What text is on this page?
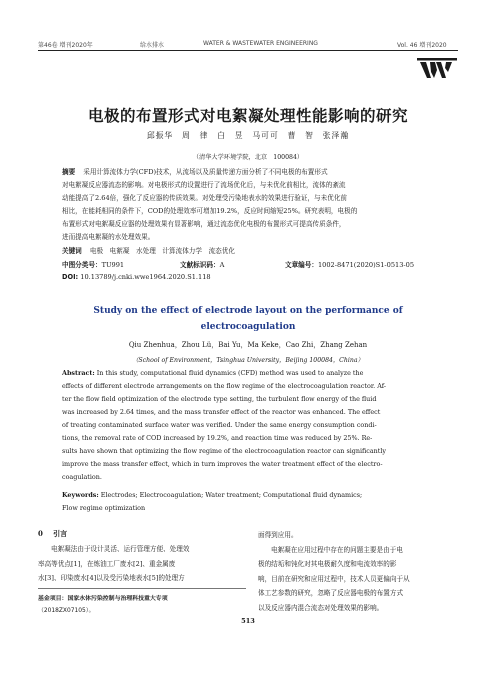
第46卷 增刊2020年	给水排水	WATER & WASTEWATER ENGINEERING	Vol. 46 增刊2020
电极的布置形式对电絮凝处理性能影响的研究
邱振华　周　律　白　昱　马可可　曹　智　张泽瀚
（清华大学环境学院，北京　100084）
摘要 采用计算流体力学(CFD)技术，从流场以及质量传递方面分析了不同电极的布置形式
对电絮凝反应器流态的影响。对电极形式的设置进行了流场优化后，与未优化前相比，流体的紊流
动能提高了2.64倍，强化了反应器的传质效果。对处理受污染地表水的效果进行验证，与未优化前
相比，在能耗相同的条件下，COD的处理效率可增加19.2%，反应时间缩短25%。研究表明，电极的
布置形式对电絮凝反应器的处理效果有显著影响，通过流态优化电极的布置形式可提高传质条件，
进而提高电絮凝的水处理效果。
关键词 电极　电絮凝　水处理　计算流体力学　流态优化
中图分类号：TU991	文献标识码：A	文章编号：1002-8471(2020)S1-0513-05
DOI: 10.13789/j.cnki.wwe1964.2020.S1.118
Study on the effect of electrode layout on the performance of
electrocoagulation
Qiu Zhenhua，Zhou Lü，Bai Yu，Ma Keke，Cao Zhi，Zhang Zehan
（School of Environment，Tsinghua University，Beijing 100084，China）
Abstract: In this study, computational fluid dynamics (CFD) method was used to analyze the
effects of different electrode arrangements on the flow regime of the electrocoagulation reactor. Af-
ter the flow field optimization of the electrode type setting, the turbulent flow energy of the fluid
was increased by 2.64 times, and the mass transfer effect of the reactor was enhanced. The effect
of treating contaminated surface water was verified. Under the same energy consumption condi-
tions, the removal rate of COD increased by 19.2%, and reaction time was reduced by 25%. Re-
sults have shown that optimizing the flow regime of the electrocoagulation reactor can significantly
improve the mass transfer effect, which in turn improves the water treatment effect of the electro-
coagulation.
Keywords: Electrodes; Electrocoagulation; Water treatment; Computational fluid dynamics;
Flow regime optimization
0 引言
电絮凝法由于设计灵活、运行管理方便、处理效
率高等优点[1]，在炼油工厂废水[2]、重金属废
水[3]、印染废水[4]以及受污染地表水[5]的处理方
基金项目：国家水体污染控制与治理科技重大专项
（2018ZX07105）。
面得到应用。
电絮凝在应用过程中存在的问题主要是由于电
极的结垢和钝化对其电极耐久度和电流效率的影
响，目前在研究和应用过程中，技术人员更偏向于从
体工艺参数的研究，忽略了反应器电极的布置方式
以及反应器内混合流态对处理效果的影响。
513
